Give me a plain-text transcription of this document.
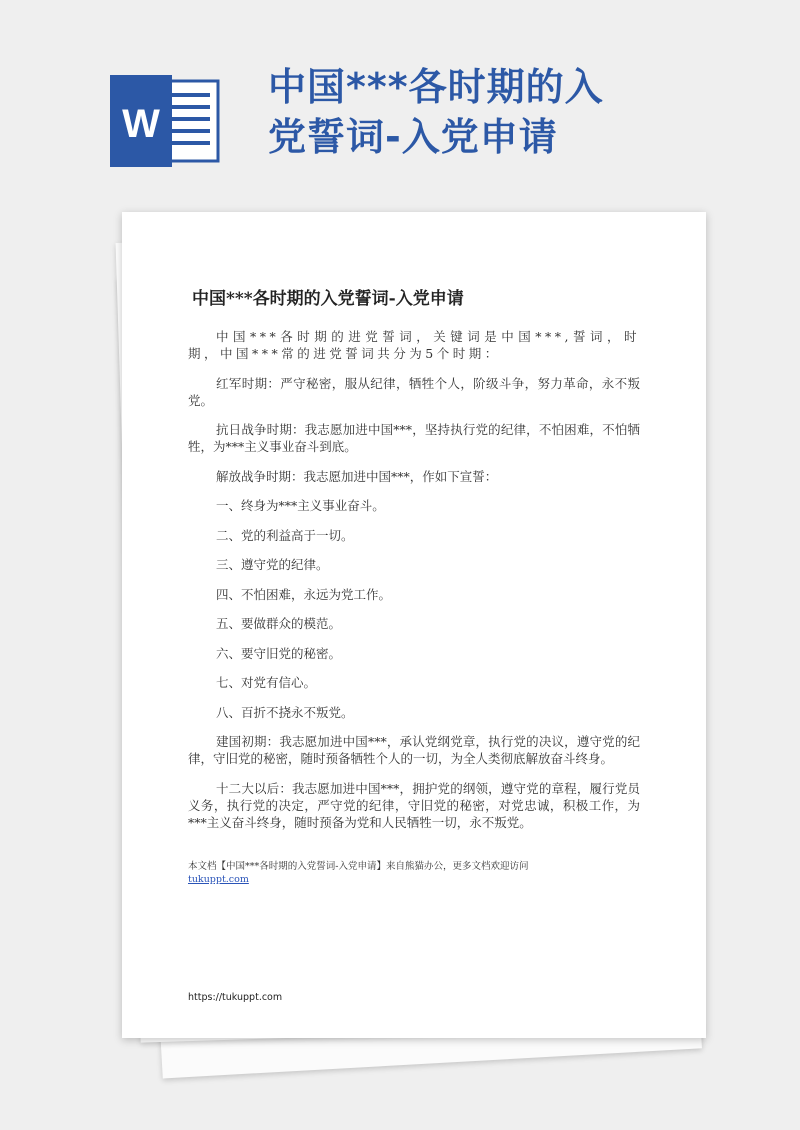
W
中国***各时期的入
党誓词-入党申请
中国***各时期的入党誓词-入党申请

中国***各时期的进党誓词，关键词是中国***,誓词，时期，中国***常的进党誓词共分为5个时期：

红军时期：严守秘密，服从纪律，牺牲个人，阶级斗争，努力革命，永不叛党。

抗日战争时期：我志愿加进中国***，坚持执行党的纪律，不怕困难，不怕牺牲，为***主义事业奋斗到底。

解放战争时期：我志愿加进中国***，作如下宣誓：

一、终身为***主义事业奋斗。

二、党的利益高于一切。

三、遵守党的纪律。

四、不怕困难，永远为党工作。

五、要做群众的模范。

六、要守旧党的秘密。

七、对党有信心。

八、百折不挠永不叛党。

建国初期：我志愿加进中国***，承认党纲党章，执行党的决议，遵守党的纪律，守旧党的秘密，随时预备牺牲个人的一切，为全人类彻底解放奋斗终身。

十二大以后：我志愿加进中国***，拥护党的纲领，遵守党的章程，履行党员义务，执行党的决定，严守党的纪律，守旧党的秘密，对党忠诚，积极工作，为***主义奋斗终身，随时预备为党和人民牺牲一切，永不叛党。

本文档【中国***各时期的入党誓词-入党申请】来自熊猫办公，更多文档欢迎访问
tukuppt.com
https://tukuppt.com
